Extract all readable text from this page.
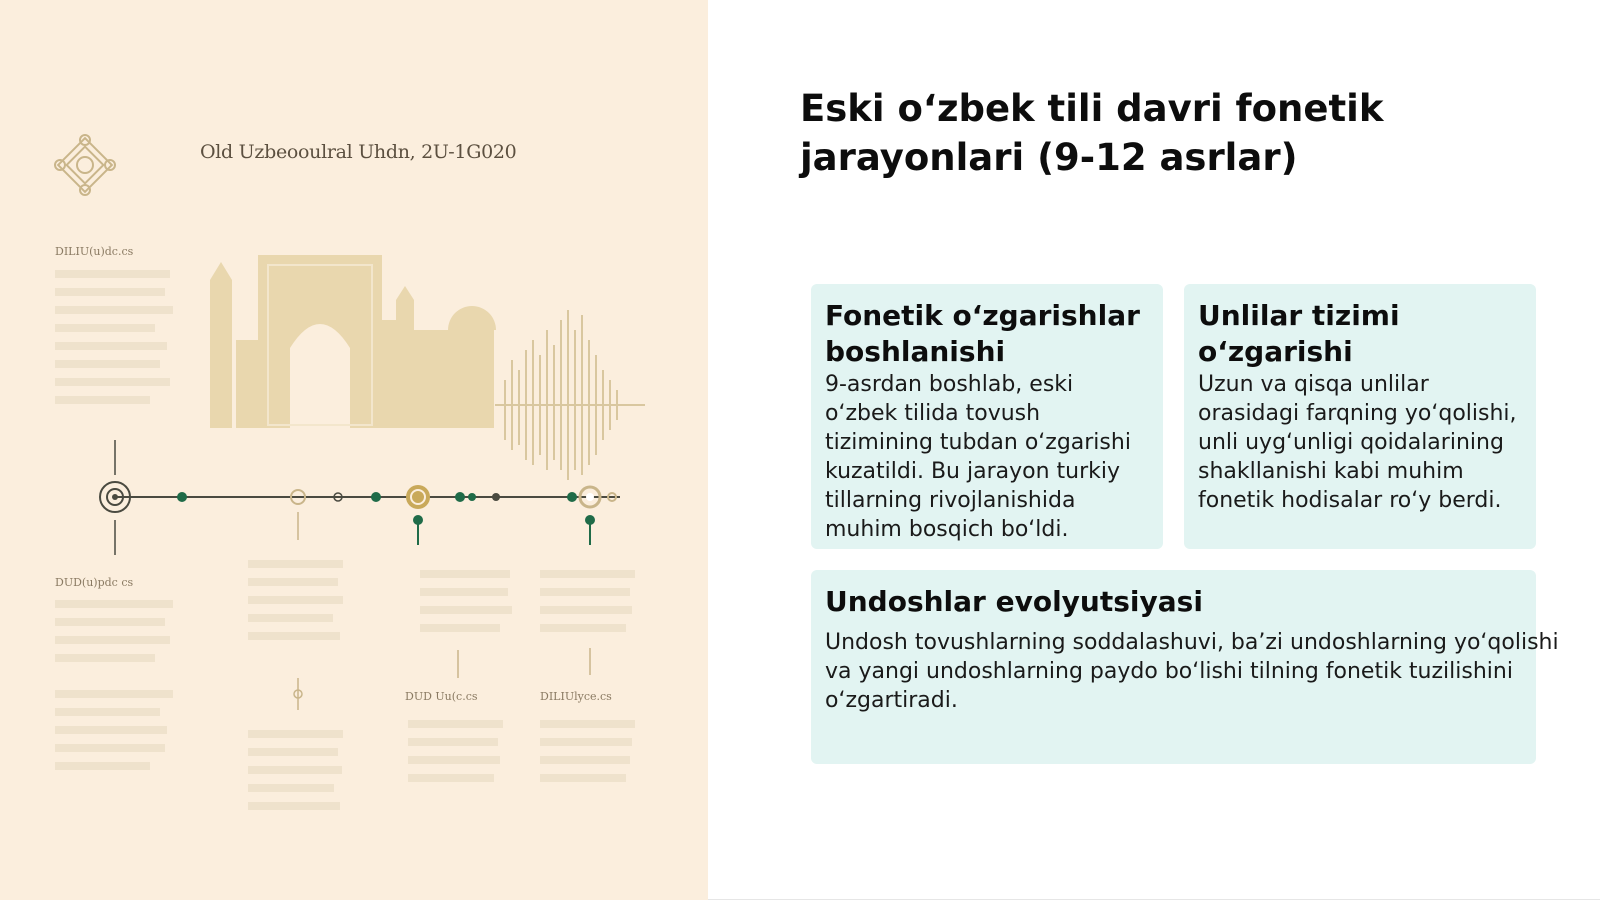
DILIU(u)dc.cs
DUD(u)pdc cs
DUD Uu(c.cs	DILIUlyce.cs
Old Uzbeooulral Uhdn, 2U-1G020
Eski o‘zbek tili davri fonetik jarayonlari (9-12 asrlar)
Fonetik o‘zgarishlar boshlanishi

9-asrdan boshlab, eski o‘zbek tilida tovush tizimining tubdan o‘zgarishi kuzatildi. Bu jarayon turkiy tillarning rivojlanishida muhim bosqich bo‘ldi.

Unlilar tizimi o‘zgarishi

Uzun va qisqa unlilar orasidagi farqning yo‘qolishi, unli uyg‘unligi qoidalarining shakllanishi kabi muhim fonetik hodisalar ro‘y berdi.

Undoshlar evolyutsiyasi

Undosh tovushlarning soddalashuvi, ba’zi undoshlarning yo‘qolishi
va yangi undoshlarning paydo bo‘lishi tilning fonetik tuzilishini
o‘zgartiradi.
